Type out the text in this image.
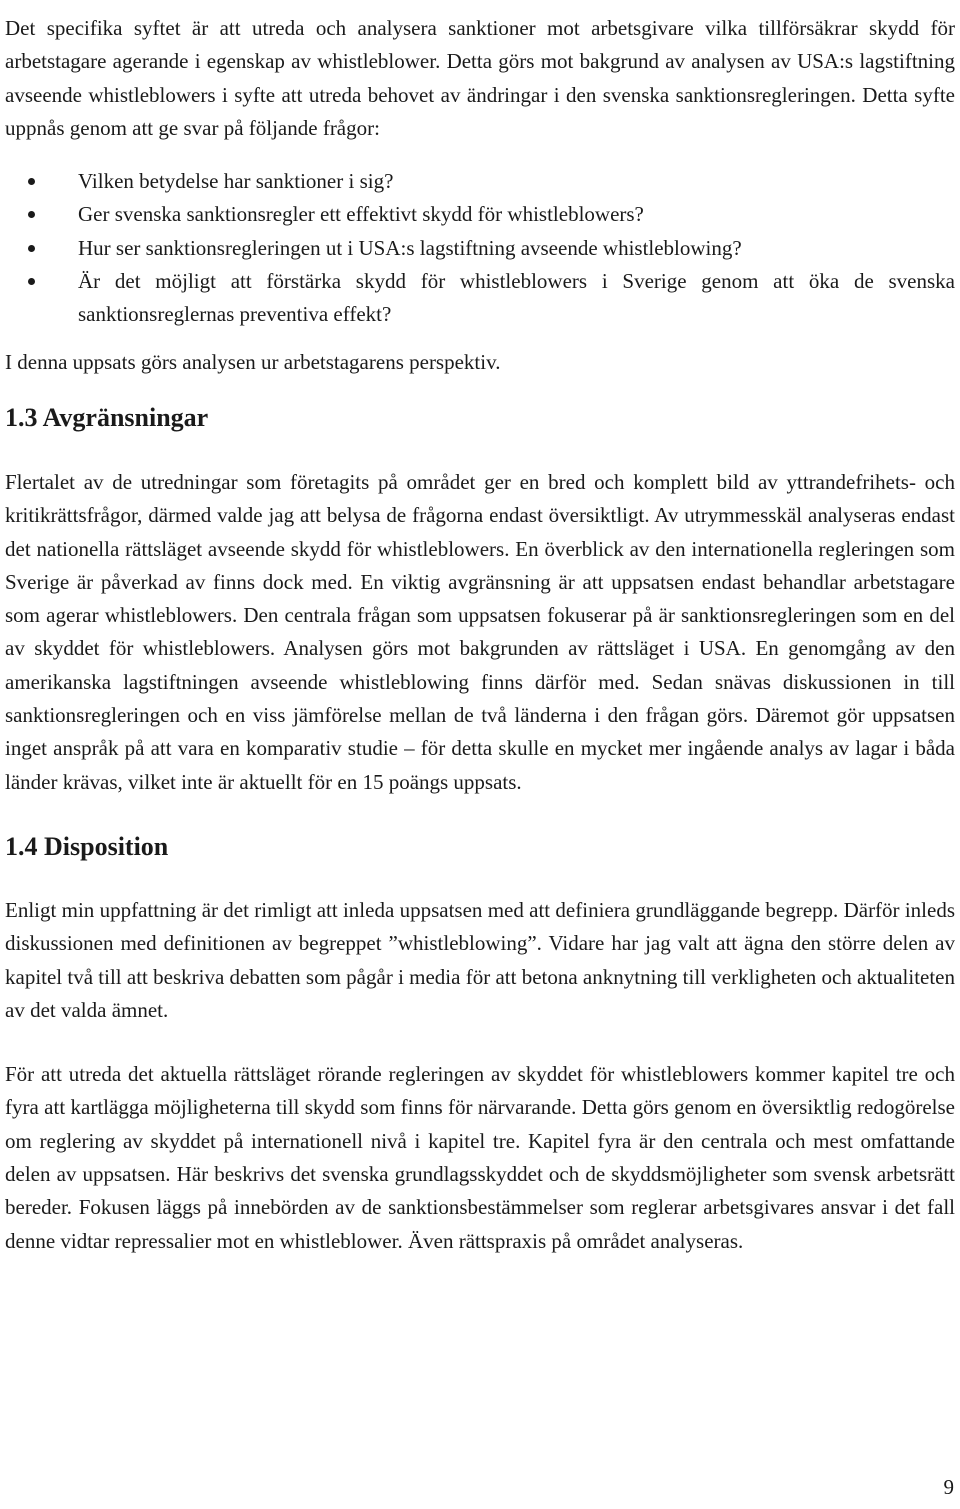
Det specifika syftet är att utreda och analysera sanktioner mot arbetsgivare vilka tillförsäkrar skydd för arbetstagare agerande i egenskap av whistleblower. Detta görs mot bakgrund av analysen av USA:s lagstiftning avseende whistleblowers i syfte att utreda behovet av ändringar i den svenska sanktionsregleringen. Detta syfte uppnås genom att ge svar på följande frågor:

Vilken betydelse har sanktioner i sig?
Ger svenska sanktionsregler ett effektivt skydd för whistleblowers?
Hur ser sanktionsregleringen ut i USA:s lagstiftning avseende whistleblowing?
Är det möjligt att förstärka skydd för whistleblowers i Sverige genom att öka de svenska sanktionsreglernas preventiva effekt?

I denna uppsats görs analysen ur arbetstagarens perspektiv.

1.3 Avgränsningar

Flertalet av de utredningar som företagits på området ger en bred och komplett bild av yttrandefrihets- och kritikrättsfrågor, därmed valde jag att belysa de frågorna endast översiktligt. Av utrymmesskäl analyseras endast det nationella rättsläget avseende skydd för whistleblowers. En överblick av den internationella regleringen som Sverige är påverkad av finns dock med. En viktig avgränsning är att uppsatsen endast behandlar arbetstagare som agerar whistleblowers. Den centrala frågan som uppsatsen fokuserar på är sanktionsregleringen som en del av skyddet för whistleblowers. Analysen görs mot bakgrunden av rättsläget i USA. En genomgång av den amerikanska lagstiftningen avseende whistleblowing finns därför med. Sedan snävas diskussionen in till sanktionsregleringen och en viss jämförelse mellan de två länderna i den frågan görs. Däremot gör uppsatsen inget anspråk på att vara en komparativ studie – för detta skulle en mycket mer ingående analys av lagar i båda länder krävas, vilket inte är aktuellt för en 15 poängs uppsats.

1.4 Disposition

Enligt min uppfattning är det rimligt att inleda uppsatsen med att definiera grundläggande begrepp. Därför inleds diskussionen med definitionen av begreppet ”whistleblowing”. Vidare har jag valt att ägna den större delen av kapitel två till att beskriva debatten som pågår i media för att betona anknytning till verkligheten och aktualiteten av det valda ämnet.

För att utreda det aktuella rättsläget rörande regleringen av skyddet för whistleblowers kommer kapitel tre och fyra att kartlägga möjligheterna till skydd som finns för närvarande. Detta görs genom en översiktlig redogörelse om reglering av skyddet på internationell nivå i kapitel tre. Kapitel fyra är den centrala och mest omfattande delen av uppsatsen. Här beskrivs det svenska grundlagsskyddet och de skyddsmöjligheter som svensk arbetsrätt bereder. Fokusen läggs på innebörden av de sanktionsbestämmelser som reglerar arbetsgivares ansvar i det fall denne vidtar repressalier mot en whistleblower. Även rättspraxis på området analyseras.

9
